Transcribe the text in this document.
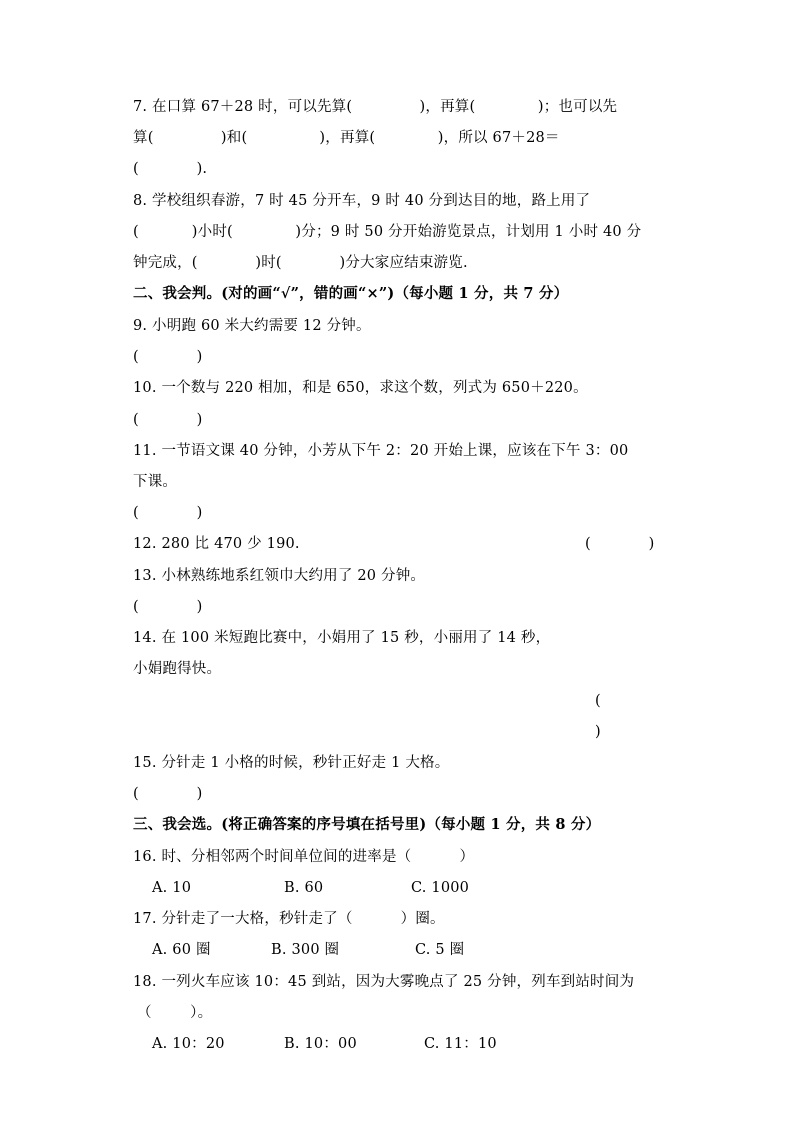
7. 在口算 67＋28 时，可以先算(              )，再算(             )；也可以先
算(              )和(               )，再算(             )，所以 67＋28＝
(            ).
8. 学校组织春游，7 时 45 分开车，9 时 40 分到达目的地，路上用了
(           )小时(             )分；9 时 50 分开始游览景点，计划用 1 小时 40 分
钟完成，(            )时(            )分大家应结束游览.
二、我会判。(对的画“√”，错的画“×”)（每小题 1 分，共 7 分）
9. 小明跑 60 米大约需要 12 分钟。
(            )
10. 一个数与 220 相加，和是 650，求这个数，列式为 650＋220。
(            )
11. 一节语文课 40 分钟，小芳从下午 2：20 开始上课，应该在下午 3：00
下课。
(            )
12. 280 比 470 少 190.	(            )
13. 小林熟练地系红领巾大约用了 20 分钟。
(            )
14. 在 100 米短跑比赛中，小娟用了 15 秒，小丽用了 14 秒，
小娟跑得快。
(
)
15. 分针走 1 小格的时候，秒针正好走 1 大格。
(            )
三、我会选。(将正确答案的序号填在括号里)（每小题 1 分，共 8 分）
16. 时、分相邻两个时间单位间的进率是（          ）
A. 10	B. 60	C. 1000
17. 分针走了一大格，秒针走了（          ）圈。
A. 60 圈	B. 300 圈	C. 5 圈
18. 一列火车应该 10：45 到站，因为大雾晚点了 25 分钟，列车到站时间为
（        ）。
A. 10：20	B. 10：00	C. 11：10
